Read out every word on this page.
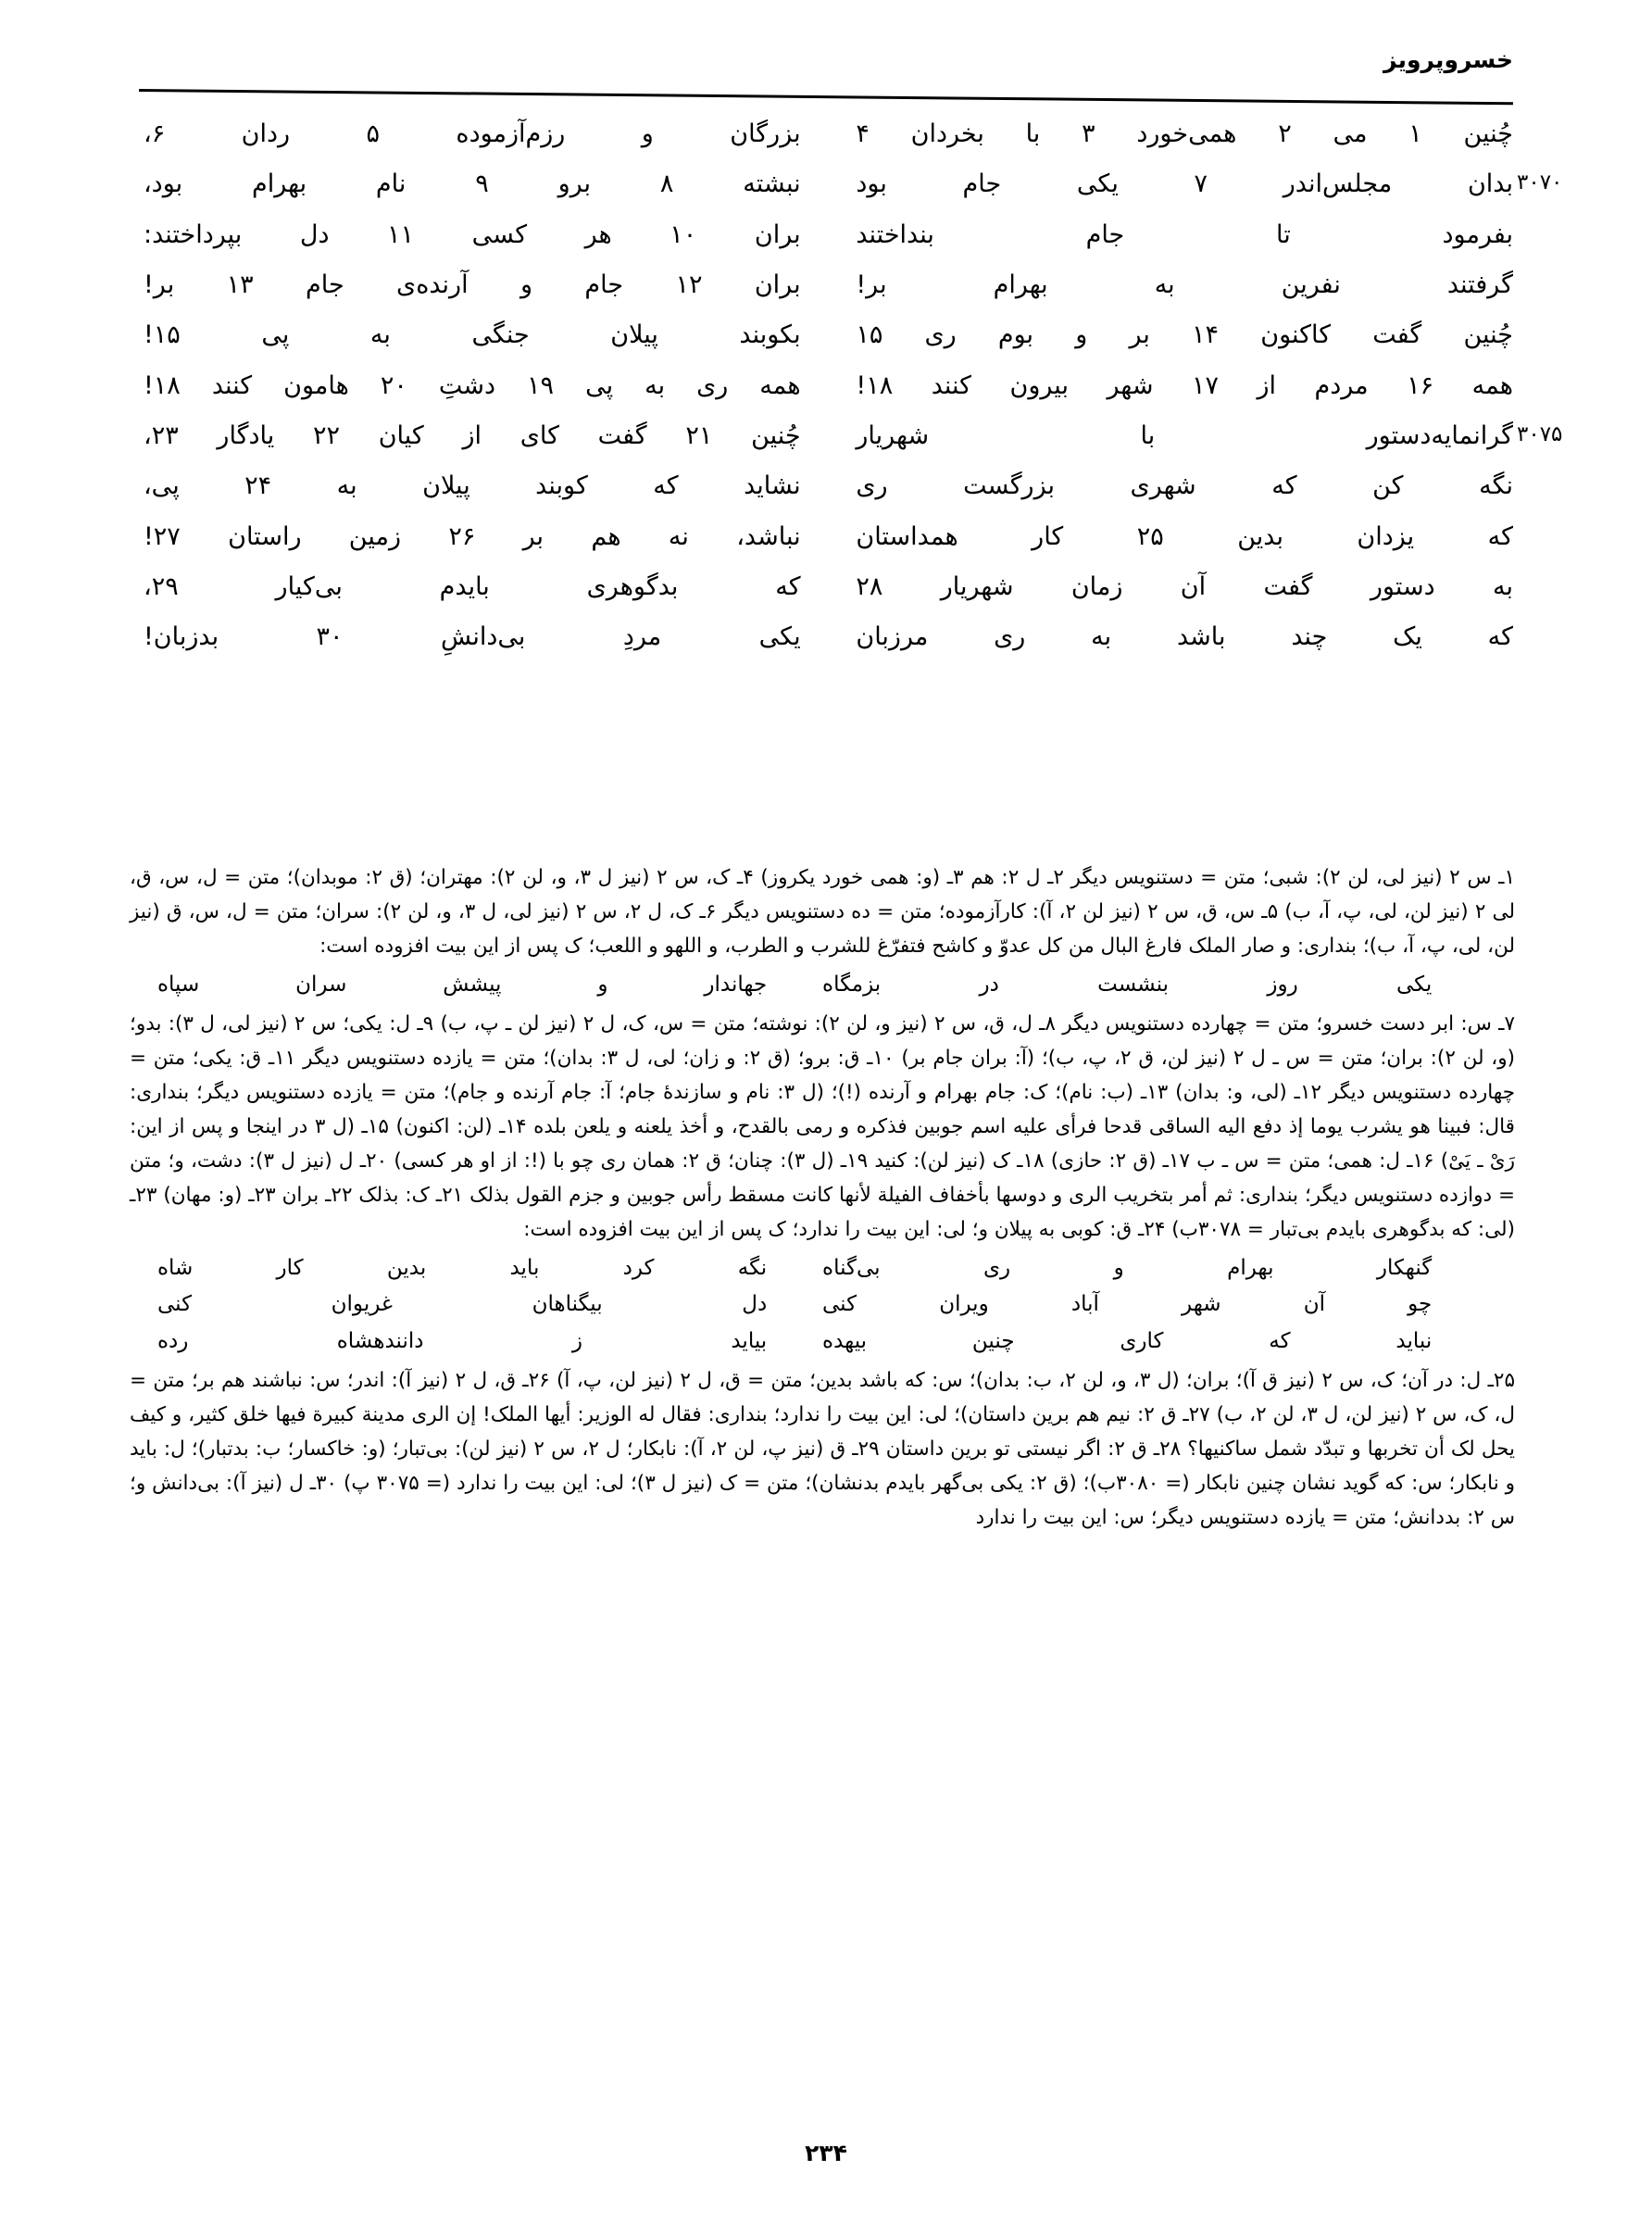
خسروپرویز
چُنین ۱ می ۲ همی‌خورد ۳ با بخردان ۴
بزرگان و رزم‌آزموده ۵ ردان ۶،
۳۰۷۰
بدان مجلس‌اندر ۷ یکی جام بود
نبشته ۸ برو ۹ نام بهرام بود،
بفرمود تا جام بنداختند
بران ۱۰ هر کسی ۱۱ دل بپرداختند:
گرفتند نفرین به بهرام بر!
بران ۱۲ جام و آرنده‌ی جام ۱۳ بر!
چُنین گفت کاکنون ۱۴ بر و بوم ری ۱۵
بکوبند پیلان جنگی به پی ۱۵!
همه ۱۶ مردم از ۱۷ شهر بیرون کنند ۱۸!
همه ری به پی ۱۹ دشتِ ۲۰ هامون کنند ۱۸!
۳۰۷۵
گرانمایه‌دستور با شهریار
چُنین ۲۱ گفت کای از کیان ۲۲ یادگار ۲۳،
نگه کن که شهری بزرگست ری
نشاید که کوبند پیلان به ۲۴ پی،
که یزدان بدین ۲۵ کار همداستان
نباشد، نه هم بر ۲۶ زمین راستان ۲۷!
به دستور گفت آن زمان شهریار ۲۸
که بدگوهری بایدم بی‌کیار ۲۹،
که یک چند باشد به ری مرزبان
یکی مردِ بی‌دانشِ ۳۰ بدزبان!

۱ـ س ۲ (نیز لی، لن ۲): شبی؛ متن = دستنویس دیگر ۲ـ ل ۲: هم ۳ـ (و: همی خورد یکروز) ۴ـ ک، س ۲ (نیز ل ۳، و، لن ۲): مهتران؛ (ق ۲: موبدان)؛ متن = ل، س، ق، لی ۲ (نیز لن، لی، پ، آ، ب) ۵ـ س، ق، س ۲ (نیز لن ۲، آ): کارآزموده؛ متن = ده دستنویس دیگر ۶ـ ک، ل ۲، س ۲ (نیز لی، ل ۳، و، لن ۲): سران؛ متن = ل، س، ق (نیز لن، لی، پ، آ، ب)؛ بنداری: و صار الملک فارغ البال من کل عدوّ و کاشح فتفرّغ للشرب و الطرب، و اللهو و اللعب؛ ک پس از این بیت افزوده است:

یکی روز بنشست در بزمگاه
جهاندار و پیشش سران سپاه

۷ـ س: ابر دست خسرو؛ متن = چهارده دستنویس دیگر ۸ـ ل، ق، س ۲ (نیز و، لن ۲): نوشته؛ متن = س، ک، ل ۲ (نیز لن ـ پ، ب) ۹ـ ل: یکی؛ س ۲ (نیز لی، ل ۳): بدو؛ (و، لن ۲): بران؛ متن = س ـ ل ۲ (نیز لن، ق ۲، پ، ب)؛ (آ: بران جام بر) ۱۰ـ ق: برو؛ (ق ۲: و زان؛ لی، ل ۳: بدان)؛ متن = یازده دستنویس دیگر ۱۱ـ ق: یکی؛ متن = چهارده دستنویس دیگر ۱۲ـ (لی، و: بدان) ۱۳ـ (ب: نام)؛ ک: جام بهرام و آرنده (!)؛ (ل ۳: نام و سازندهٔ جام؛ آ: جام آرنده و جام)؛ متن = یازده دستنویس دیگر؛ بنداری: قال: فبینا هو یشرب یوما إذ دفع الیه الساقی قدحا فرأی علیه اسم جوبین فذکره و رمی بالقدح، و أخذ یلعنه و یلعن بلده ۱۴ـ (لن: اکنون) ۱۵ـ (ل ۳ در اینجا و پس از این: رَیْ ـ یَیْ) ۱۶ـ ل: همی؛ متن = س ـ ب ۱۷ـ (ق ۲: حازی) ۱۸ـ ک (نیز لن): کنید ۱۹ـ (ل ۳): چنان؛ ق ۲: همان ری چو با (!: از او هر کسی) ۲۰ـ ل (نیز ل ۳): دشت، و؛ متن = دوازده دستنویس دیگر؛ بنداری: ثم أمر بتخریب الری و دوسها بأخفاف الفیلة لأنها کانت مسقط رأس جوبین و جزم القول بذلک ۲۱ـ ک: بذلک ۲۲ـ بران ۲۳ـ (و: مهان) ۲۳ـ (لی: که بدگوهری بایدم بی‌تبار = ۳۰۷۸ب) ۲۴ـ ق: کوبی به پیلان و؛ لی: این بیت را ندارد؛ ک پس از این بیت افزوده است:

گنهکار بهرام و ری بی‌گناه
نگه کرد باید بدین کار شاه
چو آن شهر آباد ویران کنی
دل بیگناهان غریوان کنی
نباید که کاری چنین بیهده
بیاید ز دانندهشاه رده

۲۵ـ ل: در آن؛ ک، س ۲ (نیز ق آ)؛ بران؛ (ل ۳، و، لن ۲، ب: بدان)؛ س: که باشد بدین؛ متن = ق، ل ۲ (نیز لن، پ، آ) ۲۶ـ ق، ل ۲ (نیز آ): اندر؛ س: نباشند هم بر؛ متن = ل، ک، س ۲ (نیز لن، ل ۳، لن ۲، ب) ۲۷ـ ق ۲: نیم هم برین داستان)؛ لی: این بیت را ندارد؛ بنداری: فقال له الوزیر: أیها الملک! إن الری مدینة کبیرة فیها خلق کثیر، و کیف یحل لک أن تخربها و تبدّد شمل ساکنیها؟ ۲۸ـ ق ۲: اگر نیستی تو برین داستان ۲۹ـ ق (نیز پ، لن ۲، آ): نابکار؛ ل ۲، س ۲ (نیز لن): بی‌تبار؛ (و: خاکسار؛ ب: بدتبار)؛ ل: باید و نابکار؛ س: که گوید نشان چنین نابکار (= ۳۰۸۰ب)؛ (ق ۲: یکی بی‌گهر بایدم بدنشان)؛ متن = ک (نیز ل ۳)؛ لی: این بیت را ندارد (= ۳۰۷۵ پ) ۳۰ـ ل (نیز آ): بی‌دانش و؛ س ۲: بددانش؛ متن = یازده دستنویس دیگر؛ س: این بیت را ندارد

۲۳۴
